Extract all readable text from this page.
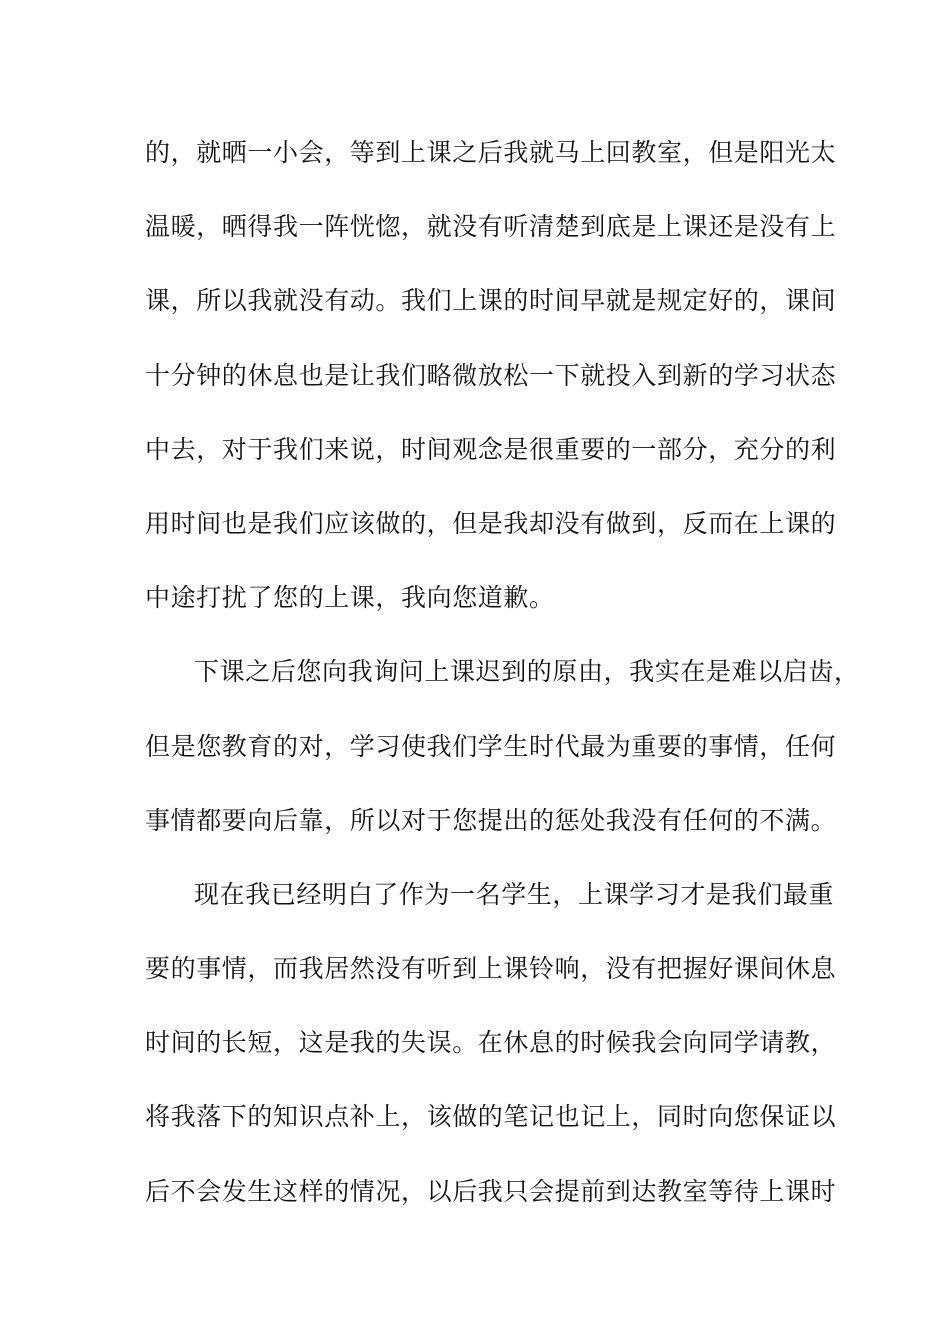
的，就晒一小会，等到上课之后我就马上回教室，但是阳光太
温暖，晒得我一阵恍惚，就没有听清楚到底是上课还是没有上
课，所以我就没有动。我们上课的时间早就是规定好的，课间
十分钟的休息也是让我们略微放松一下就投入到新的学习状态
中去，对于我们来说，时间观念是很重要的一部分，充分的利
用时间也是我们应该做的，但是我却没有做到，反而在上课的
中途打扰了您的上课，我向您道歉。
下课之后您向我询问上课迟到的原由，我实在是难以启齿，
但是您教育的对，学习使我们学生时代最为重要的事情，任何
事情都要向后靠，所以对于您提出的惩处我没有任何的不满。
现在我已经明白了作为一名学生，上课学习才是我们最重
要的事情，而我居然没有听到上课铃响，没有把握好课间休息
时间的长短，这是我的失误。在休息的时候我会向同学请教，
将我落下的知识点补上，该做的笔记也记上，同时向您保证以
后不会发生这样的情况，以后我只会提前到达教室等待上课时
